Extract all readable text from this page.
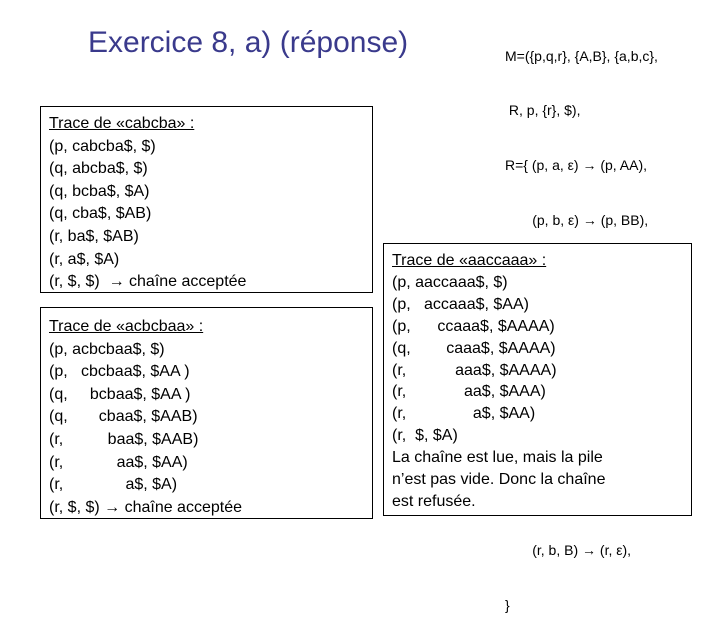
Exercice 8, a) (réponse)

	M=({p,q,r}, {A,B}, {a,b,c},

R, p, {r}, $),

R={ (p, a, ε) → (p, AA),

(p, b, ε) → (p, BB),

(r, b, B) → (r, ε),

}

Trace de «cabcba» :
(p, cabcba$, $)
(q, abcba$, $)
(q, bcba$, $A)
(q, cba$, $AB)
(r, ba$, $AB)
(r, a$, $A)
(r, $, $)  → chaîne acceptée
Trace de «acbcbaa» :
(p, acbcbaa$, $)
(p,   cbcbaa$, $AA )
(q,     bcbaa$, $AA )
(q,       cbaa$, $AAB)
(r,          baa$, $AAB)
(r,            aa$, $AA)
(r,              a$, $A)
(r, $, $) → chaîne acceptée
Trace de «aaccaaa» :
(p, aaccaaa$, $)
(p,   accaaa$, $AA)
(p,      ccaaa$, $AAAA)
(q,        caaa$, $AAAA)
(r,           aaa$, $AAAA)
(r,             aa$, $AAA)
(r,               a$, $AA)
(r,  $, $A)
La chaîne est lue, mais la pile
n’est pas vide. Donc la chaîne
est refusée.
